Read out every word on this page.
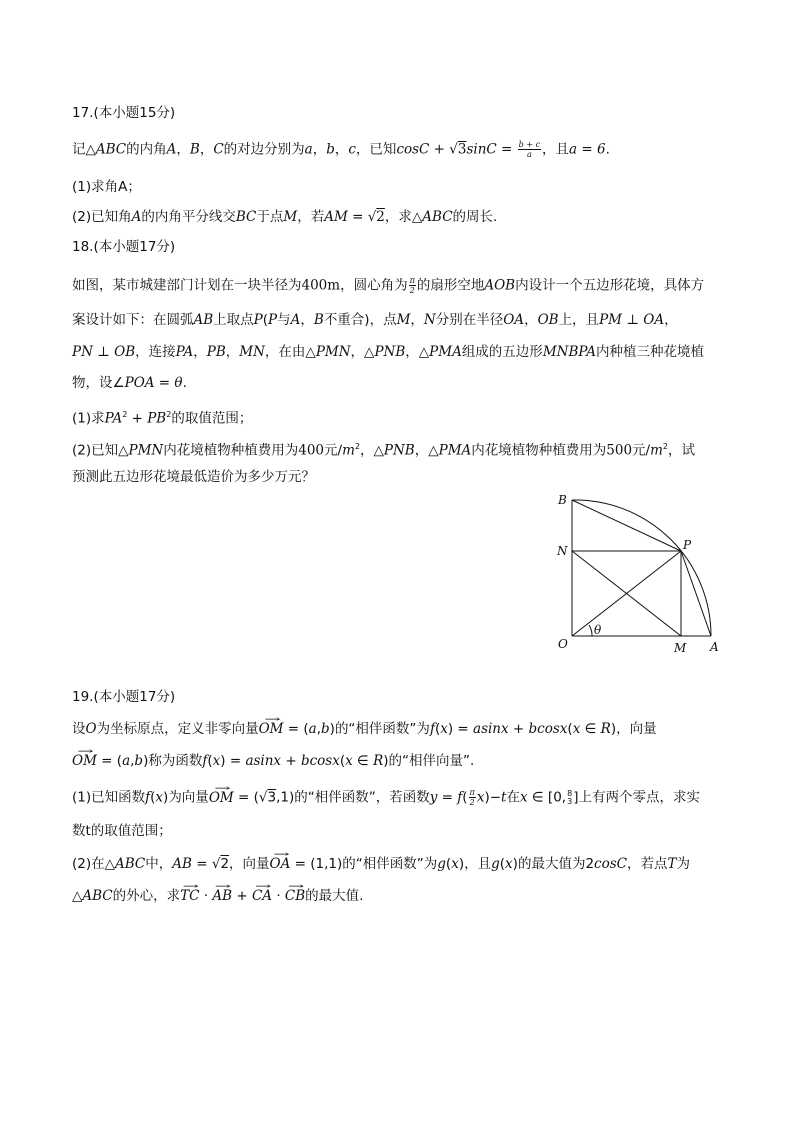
17.(本小题15分)
记△ABC的内角A，B，C的对边分别为a，b，c，已知$\cos C + √3\sin C = \frac{b + c}{a}$ ，且a = 6.
(1)求角A；
(2)已知角A的内角平分线交BC于点M，若AM = √2，求△ABC的周长.
18.(本小题17分)
如图，某市城建部门计划在一块半径为400m，圆心角为 $\frac{\pi}{2}$ 的扇形空地AOB内设计一个五边形花境，具体方
案设计如下：在圆弧AB上取点P(P与A，B不重合)，点M，N分别在半径OA，OB上，且PM ⊥ OA，
PN ⊥ OB，连接PA，PB，MN，在由△PMN，△PNB，△PMA组成的五边形MNBPA内种植三种花境植
物，设∠POA = θ.
(1)求$PA^2 + PB^2$的取值范围；
(2)已知△PMN内花境植物种植费用为400元$/m^2$，△PNB，△PMA内花境植物种植费用为500元$/m^2$，试
预测此五边形花境最低造价为多少万元？
B
N	P
O	M A
θ
19.(本小题17分)
设O为坐标原点，定义非零向量→ OM = (a,b)的“相伴函数”为f(x) = asinx + bcosx(x ∈ R)，向量
→ OM = (a,b)称为函数f(x) = asinx + bcosx(x ∈ R)的“相伴向量”.
(1)已知函数f(x)为向量→ OM = (√3,1)的“相伴函数”，若函数$y = f( \frac{\pi}{2} x)-t$在x ∈ [0, 8
3 ]上有两个零点，求实
数t的取值范围；
(2)在△ABC中，AB = √2，向量→ OA = (1,1)的“相伴函数”为g(x)，且g(x)的最大值为2cosC，若点T为
△ABC的外心，求→ TC · → AB + → CA · → CB的最大值.
